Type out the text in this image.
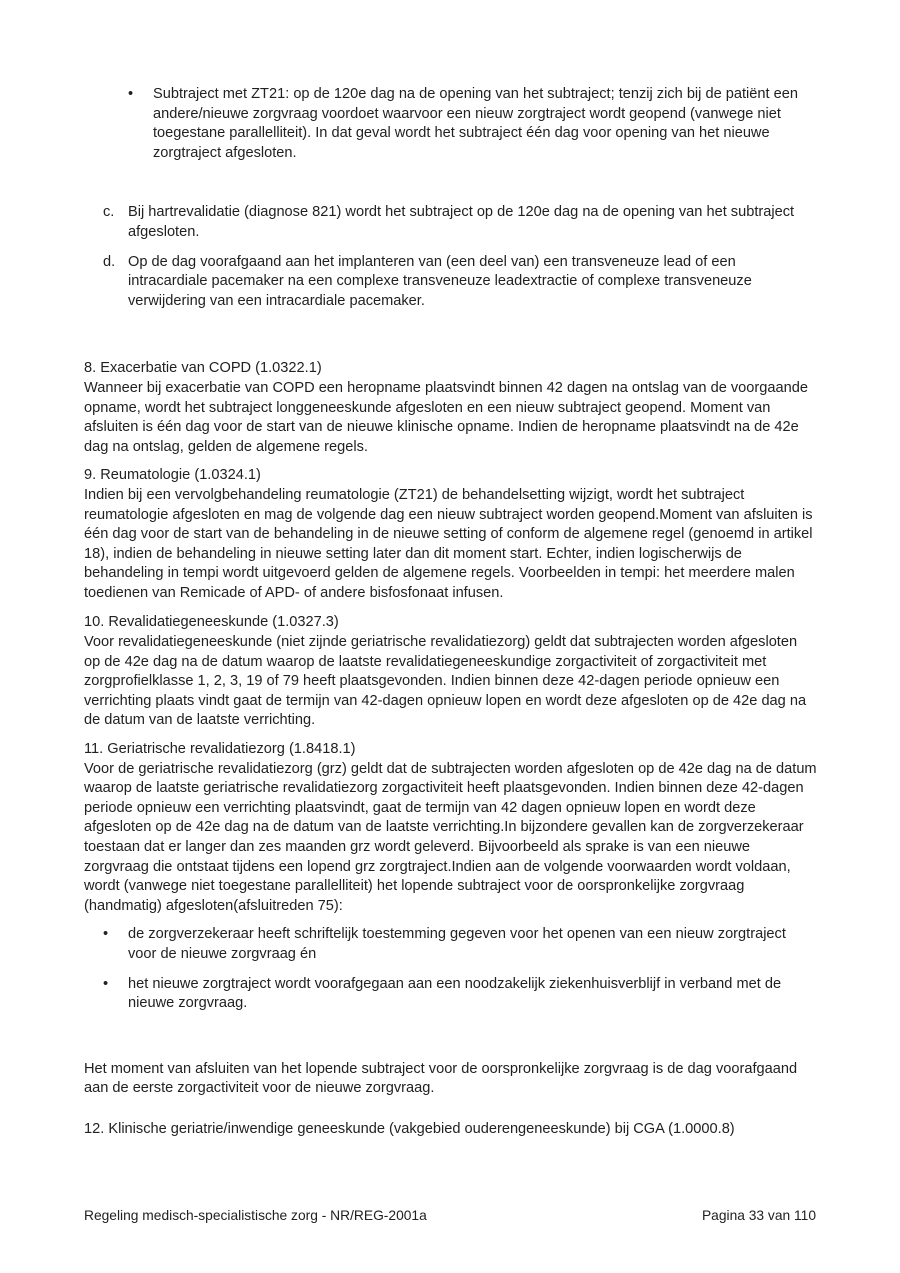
•	Subtraject met ZT21: op de 120e dag na de opening van het subtraject; tenzij zich bij de patiënt een andere/nieuwe zorgvraag voordoet waarvoor een nieuw zorgtraject wordt geopend (vanwege niet toegestane parallelliteit). In dat geval wordt het subtraject één dag voor opening van het nieuwe zorgtraject afgesloten.
c. Bij hartrevalidatie (diagnose 821) wordt het subtraject op de 120e dag na de opening van het subtraject afgesloten.
d. Op de dag voorafgaand aan het implanteren van (een deel van) een transveneuze lead of een intracardiale pacemaker na een complexe transveneuze leadextractie of complexe transveneuze verwijdering van een intracardiale pacemaker.
8. Exacerbatie van COPD (1.0322.1)
Wanneer bij exacerbatie van COPD een heropname plaatsvindt binnen 42 dagen na ontslag van de voorgaande opname, wordt het subtraject longgeneeskunde afgesloten en een nieuw subtraject geopend. Moment van afsluiten is één dag voor de start van de nieuwe klinische opname. Indien de heropname plaatsvindt na de 42e dag na ontslag, gelden de algemene regels.
9. Reumatologie (1.0324.1)
Indien bij een vervolgbehandeling reumatologie (ZT21) de behandelsetting wijzigt, wordt het subtraject reumatologie afgesloten en mag de volgende dag een nieuw subtraject worden geopend.Moment van afsluiten is één dag voor de start van de behandeling in de nieuwe setting of conform de algemene regel (genoemd in artikel 18), indien de behandeling in nieuwe setting later dan dit moment start. Echter, indien logischerwijs de behandeling in tempi wordt uitgevoerd gelden de algemene regels. Voorbeelden in tempi: het meerdere malen toedienen van Remicade of APD- of andere bisfosfonaat infusen.
10. Revalidatiegeneeskunde (1.0327.3)
Voor revalidatiegeneeskunde (niet zijnde geriatrische revalidatiezorg) geldt dat subtrajecten worden afgesloten op de 42e dag na de datum waarop de laatste revalidatiegeneeskundige zorgactiviteit of zorgactiviteit met zorgprofielklasse 1, 2, 3, 19 of 79 heeft plaatsgevonden. Indien binnen deze 42-dagen periode opnieuw een verrichting plaats vindt gaat de termijn van 42-dagen opnieuw lopen en wordt deze afgesloten op de 42e dag na de datum van de laatste verrichting.
11. Geriatrische revalidatiezorg (1.8418.1)
Voor de geriatrische revalidatiezorg (grz) geldt dat de subtrajecten worden afgesloten op de 42e dag na de datum waarop de laatste geriatrische revalidatiezorg zorgactiviteit heeft plaatsgevonden. Indien binnen deze 42-dagen periode opnieuw een verrichting plaatsvindt, gaat de termijn van 42 dagen opnieuw lopen en wordt deze afgesloten op de 42e dag na de datum van de laatste verrichting.In bijzondere gevallen kan de zorgverzekeraar toestaan dat er langer dan zes maanden grz wordt geleverd. Bijvoorbeeld als sprake is van een nieuwe zorgvraag die ontstaat tijdens een lopend grz zorgtraject.Indien aan de volgende voorwaarden wordt voldaan, wordt (vanwege niet toegestane parallelliteit) het lopende subtraject voor de oorspronkelijke zorgvraag (handmatig) afgesloten(afsluitreden 75):
•	de zorgverzekeraar heeft schriftelijk toestemming gegeven voor het openen van een nieuw zorgtraject voor de nieuwe zorgvraag én
•	het nieuwe zorgtraject wordt voorafgegaan aan een noodzakelijk ziekenhuisverblijf in verband met de nieuwe zorgvraag.
Het moment van afsluiten van het lopende subtraject voor de oorspronkelijke zorgvraag is de dag voorafgaand aan de eerste zorgactiviteit voor de nieuwe zorgvraag.
12. Klinische geriatrie/inwendige geneeskunde (vakgebied ouderengeneeskunde) bij CGA (1.0000.8)
Regeling medisch-specialistische zorg - NR/REG-2001a	Pagina 33 van 110
